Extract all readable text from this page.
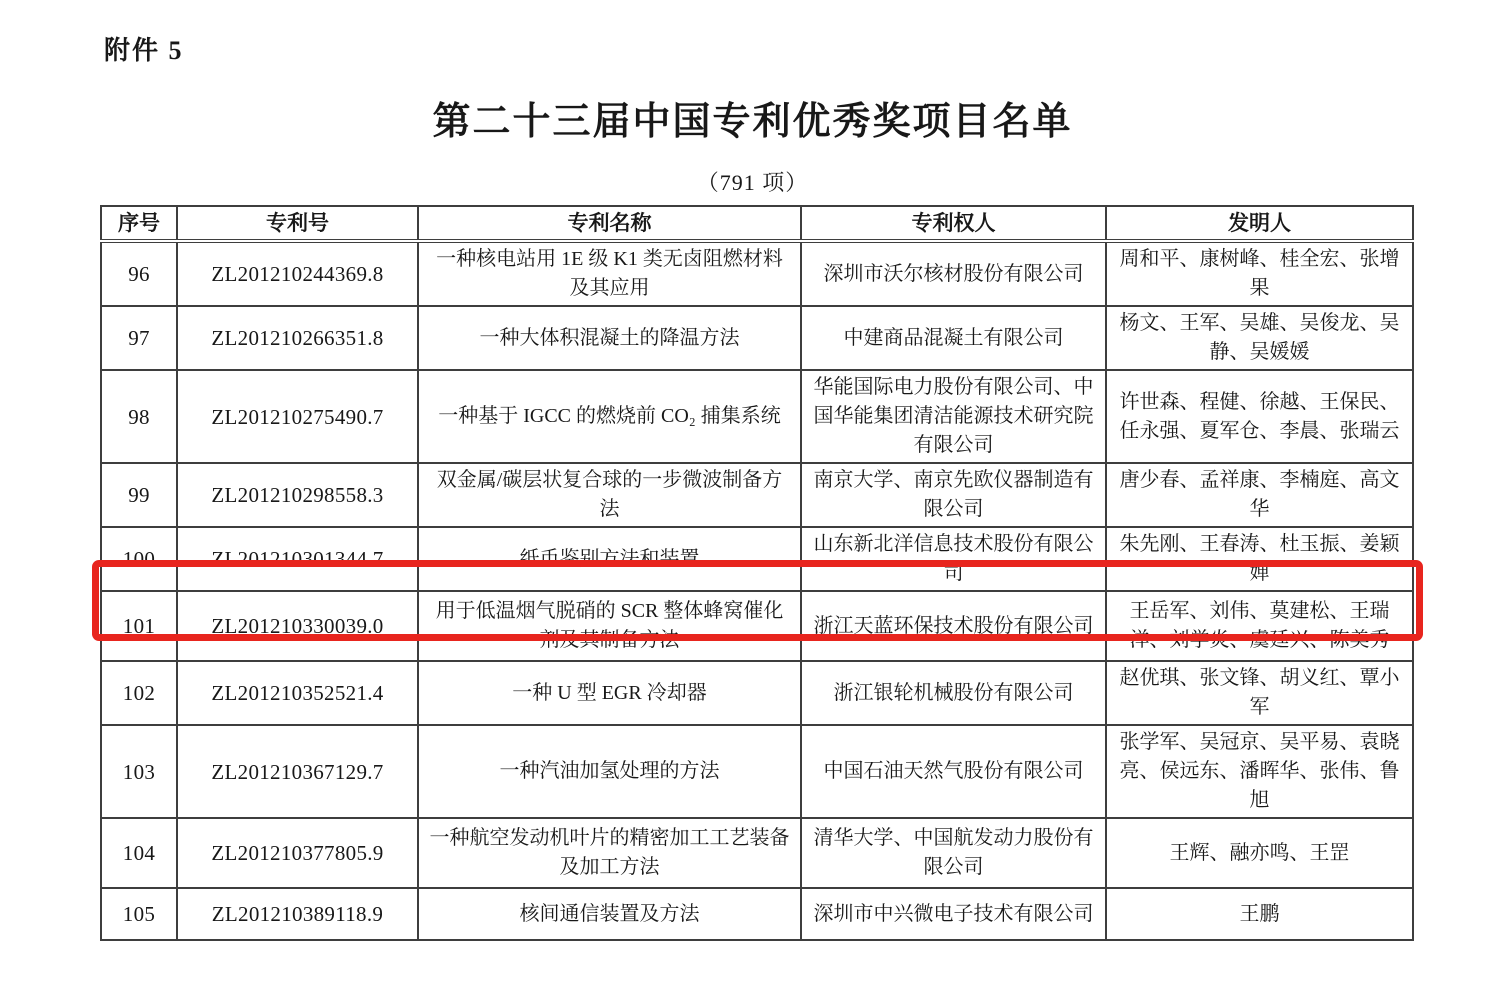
附件 5
第二十三届中国专利优秀奖项目名单
（791 项）
序号	专利号	专利名称	专利权人	发明人
96	ZL201210244369.8	一种核电站用 1E 级 K1 类无卤阻燃材料及其应用	深圳市沃尔核材股份有限公司	周和平、康树峰、桂全宏、张增果
97	ZL201210266351.8	一种大体积混凝土的降温方法	中建商品混凝土有限公司	杨文、王军、吴雄、吴俊龙、吴静、吴媛媛
98	ZL201210275490.7	一种基于 IGCC 的燃烧前 CO₂ 捕集系统	华能国际电力股份有限公司、中国华能集团清洁能源技术研究院有限公司	许世森、程健、徐越、王保民、任永强、夏军仓、李晨、张瑞云
99	ZL201210298558.3	双金属/碳层状复合球的一步微波制备方法	南京大学、南京先欧仪器制造有限公司	唐少春、孟祥康、李楠庭、高文华
100	ZL201210301344.7	纸币鉴别方法和装置	山东新北洋信息技术股份有限公司	朱先刚、王春涛、杜玉振、姜颖婵
101	ZL201210330039.0	用于低温烟气脱硝的 SCR 整体蜂窝催化剂及其制备方法	浙江天蓝环保技术股份有限公司	王岳军、刘伟、莫建松、王瑞洋、刘学炎、虞廷兴、陈美秀
102	ZL201210352521.4	一种 U 型 EGR 冷却器	浙江银轮机械股份有限公司	赵优琪、张文锋、胡义红、覃小军
103	ZL201210367129.7	一种汽油加氢处理的方法	中国石油天然气股份有限公司	张学军、吴冠京、吴平易、袁晓亮、侯远东、潘晖华、张伟、鲁旭
104	ZL201210377805.9	一种航空发动机叶片的精密加工工艺装备及加工方法	清华大学、中国航发动力股份有限公司	王辉、融亦鸣、王罡
105	ZL201210389118.9	核间通信装置及方法	深圳市中兴微电子技术有限公司	王鹏
